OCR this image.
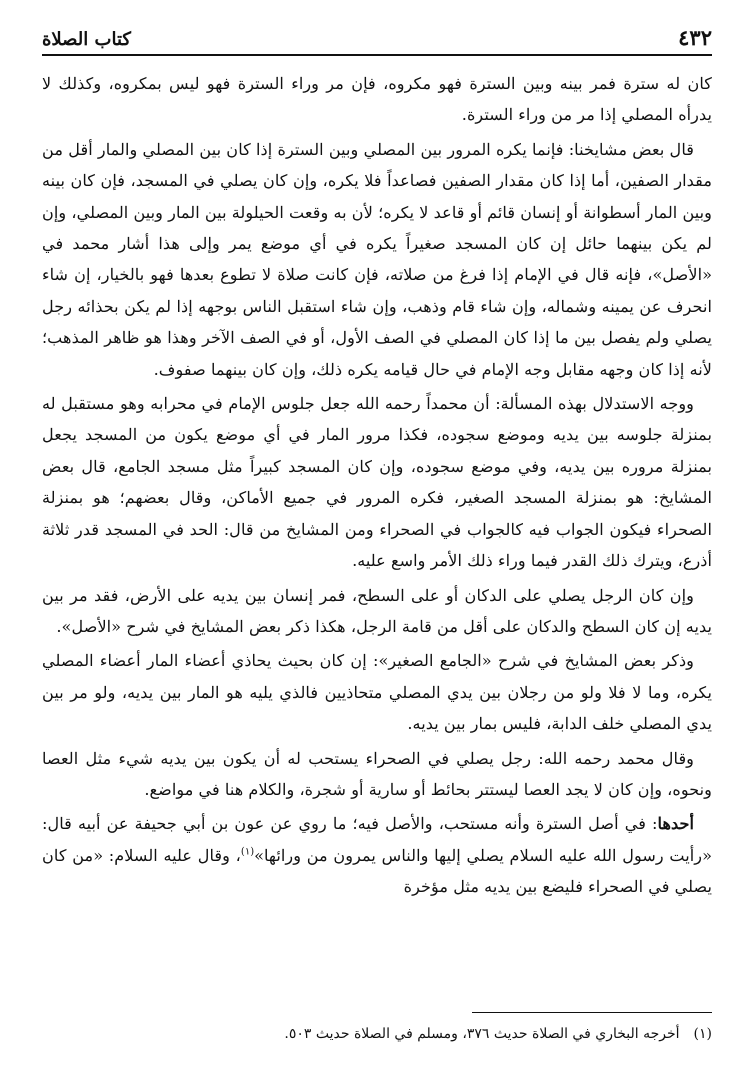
كتاب الصلاة	٤٣٢

كان له سترة فمر بينه وبين السترة فهو مكروه، فإن مر وراء السترة فهو ليس بمكروه، وكذلك لا يدرأه المصلي إذا مر من وراء السترة.

قال بعض مشايخنا: فإنما يكره المرور بين المصلي وبين السترة إذا كان بين المصلي والمار أقل من مقدار الصفين، أما إذا كان مقدار الصفين فصاعداً فلا يكره، وإن كان يصلي في المسجد، فإن كان بينه وبين المار أسطوانة أو إنسان قائم أو قاعد لا يكره؛ لأن به وقعت الحيلولة بين المار وبين المصلي، وإن لم يكن بينهما حائل إن كان المسجد صغيراً يكره في أي موضع يمر وإلى هذا أشار محمد في «الأصل»، فإنه قال في الإمام إذا فرغ من صلاته، فإن كانت صلاة لا تطوع بعدها فهو بالخيار، إن شاء انحرف عن يمينه وشماله، وإن شاء قام وذهب، وإن شاء استقبل الناس بوجهه إذا لم يكن بحذائه رجل يصلي ولم يفصل بين ما إذا كان المصلي في الصف الأول، أو في الصف الآخر وهذا هو ظاهر المذهب؛ لأنه إذا كان وجهه مقابل وجه الإمام في حال قيامه يكره ذلك، وإن كان بينهما صفوف.

ووجه الاستدلال بهذه المسألة: أن محمداً رحمه الله جعل جلوس الإمام في محرابه وهو مستقبل له بمنزلة جلوسه بين يديه وموضع سجوده، فكذا مرور المار في أي موضع يكون من المسجد يجعل بمنزلة مروره بين يديه، وفي موضع سجوده، وإن كان المسجد كبيراً مثل مسجد الجامع، قال بعض المشايخ: هو بمنزلة المسجد الصغير، فكره المرور في جميع الأماكن، وقال بعضهم؛ هو بمنزلة الصحراء فيكون الجواب فيه كالجواب في الصحراء ومن المشايخ من قال: الحد في المسجد قدر ثلاثة أذرع، ويترك ذلك القدر فيما وراء ذلك الأمر واسع عليه.

وإن كان الرجل يصلي على الدكان أو على السطح، فمر إنسان بين يديه على الأرض، فقد مر بين يديه إن كان السطح والدكان على أقل من قامة الرجل، هكذا ذكر بعض المشايخ في شرح «الأصل».

وذكر بعض المشايخ في شرح «الجامع الصغير»: إن كان بحيث يحاذي أعضاء المار أعضاء المصلي يكره، وما لا فلا ولو من رجلان بين يدي المصلي متحاذيين فالذي يليه هو المار بين يديه، ولو مر بين يدي المصلي خلف الدابة، فليس بمار بين يديه.

وقال محمد رحمه الله: رجل يصلي في الصحراء يستحب له أن يكون بين يديه شيء مثل العصا ونحوه، وإن كان لا يجد العصا ليستتر بحائط أو سارية أو شجرة، والكلام هنا في مواضع.

أحدها: في أصل السترة وأنه مستحب، والأصل فيه؛ ما روي عن عون بن أبي جحيفة عن أبيه قال: «رأيت رسول الله عليه السلام يصلي إليها والناس يمرون من ورائها»$^{(١)}$، وقال عليه السلام: «من كان يصلي في الصحراء فليضع بين يديه مثل مؤخرة

(١)أخرجه البخاري في الصلاة حديث ٣٧٦، ومسلم في الصلاة حديث ٥٠٣.
